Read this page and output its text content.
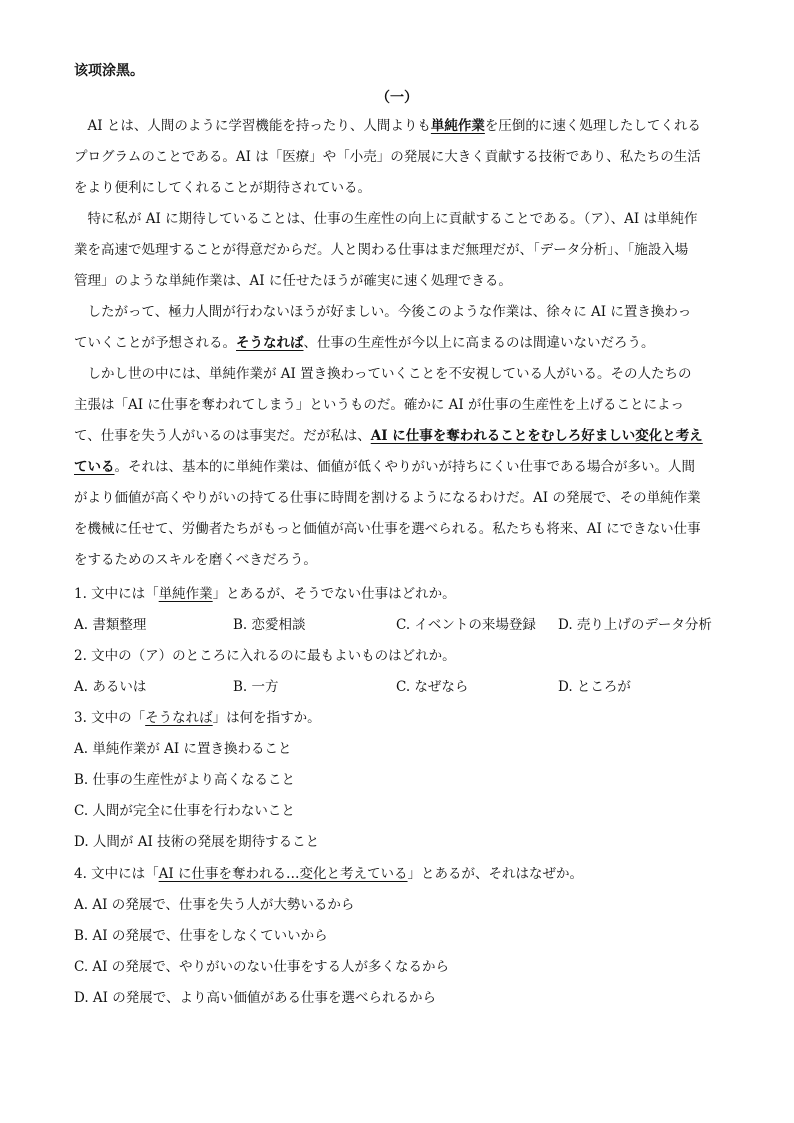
该项涂黑。
（一）
　AI とは、人間のように学習機能を持ったり、人間よりも単純作業を圧倒的に速く処理したしてくれる
プログラムのことである。AI は「医療」や「小売」の発展に大きく貢献する技術であり、私たちの生活
をより便利にしてくれることが期待されている。
　特に私が AI に期待していることは、仕事の生産性の向上に貢献することである。（ア）、AI は単純作
業を高速で処理することが得意だからだ。人と関わる仕事はまだ無理だが、「データ分析」、「施設入場
管理」のような単純作業は、AI に任せたほうが確実に速く処理できる。
　したがって、極力人間が行わないほうが好ましい。今後このような作業は、徐々に AI に置き換わっ
ていくことが予想される。そうなれば、仕事の生産性が今以上に高まるのは間違いないだろう。
　しかし世の中には、単純作業が AI 置き換わっていくことを不安視している人がいる。その人たちの
主張は「AI に仕事を奪われてしまう」というものだ。確かに AI が仕事の生産性を上げることによっ
て、仕事を失う人がいるのは事実だ。だが私は、AI に仕事を奪われることをむしろ好ましい変化と考え
ている。それは、基本的に単純作業は、価値が低くやりがいが持ちにくい仕事である場合が多い。人間
がより価値が高くやりがいの持てる仕事に時間を割けるようになるわけだ。AI の発展で、その単純作業
を機械に任せて、労働者たちがもっと価値が高い仕事を選べられる。私たちも将来、AI にできない仕事
をするためのスキルを磨くべきだろう。
1. 文中には「単純作業」とあるが、そうでない仕事はどれか。
A. 書類整理	B. 恋愛相談	C. イベントの来場登録 D. 売り上げのデータ分析
2. 文中の（ア）のところに入れるのに最もよいものはどれか。
A. あるいは	B. 一方	C. なぜなら	D. ところが
3. 文中の「そうなれば」は何を指すか。
A. 単純作業が AI に置き換わること
B. 仕事の生産性がより高くなること
C. 人間が完全に仕事を行わないこと
D. 人間が AI 技術の発展を期待すること
4. 文中には「AI に仕事を奪われる…変化と考えている」とあるが、それはなぜか。
A. AI の発展で、仕事を失う人が大勢いるから
B. AI の発展で、仕事をしなくていいから
C. AI の発展で、やりがいのない仕事をする人が多くなるから
D. AI の発展で、より高い価値がある仕事を選べられるから
